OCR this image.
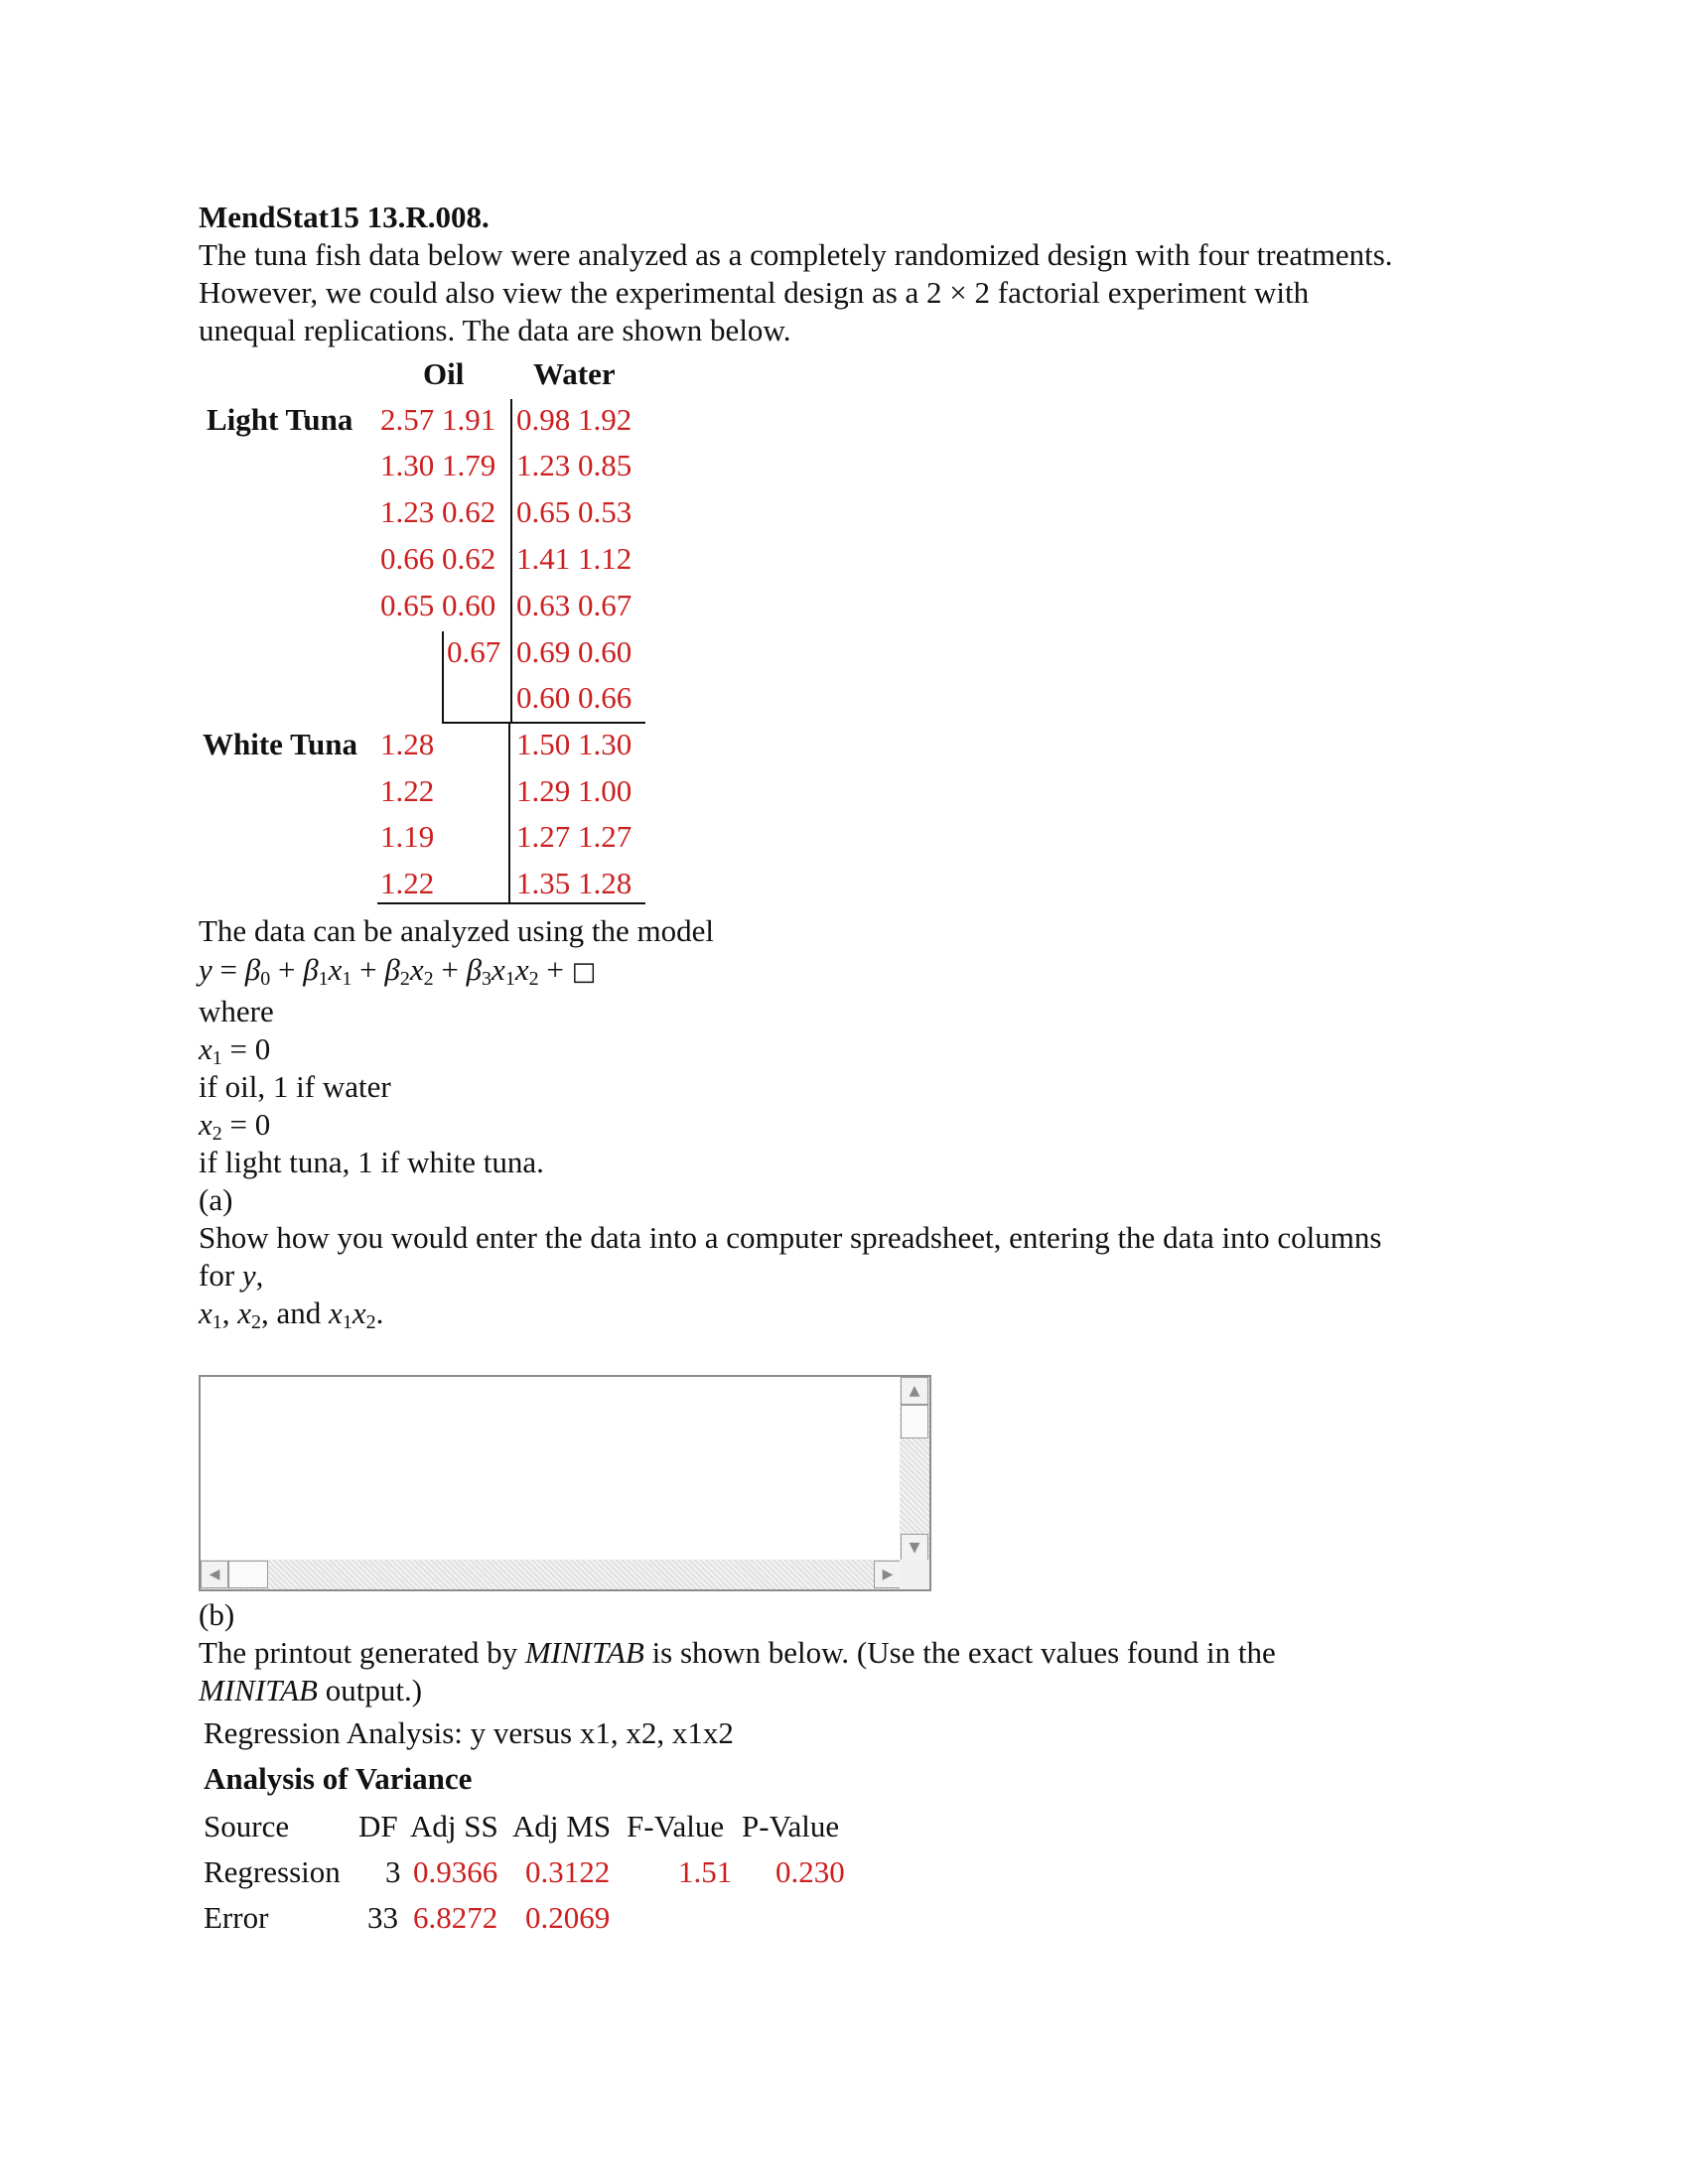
MendStat15 13.R.008.
The tuna fish data below were analyzed as a completely randomized design with four treatments.
However, we could also view the experimental design as a 2 × 2 factorial experiment with
unequal replications. The data are shown below.
Oil Water
Light Tuna
White Tuna
2.57 1.91
1.30 1.79
1.23 0.62
0.66 0.62
0.65 0.60
0.67
0.98 1.92
1.23 0.85
0.65 0.53
1.41 1.12
0.63 0.67
0.69 0.60
0.60 0.66
1.28
1.22
1.19
1.22
1.50 1.30
1.29 1.00
1.27 1.27
1.35 1.28
The data can be analyzed using the model
$y = \beta_0 + \beta_1x_1 + \beta_2x_2 + \beta_3x_1x_2$ + □
where
$x_1 = 0$
if oil, 1 if water
$x_2 = 0$
if light tuna, 1 if white tuna.
(a)
Show how you would enter the data into a computer spreadsheet, entering the data into columns
for y,
$x_1$, $x_2$, and $x_1x_2$.
▲
▼
◀	▶
(b)
The printout generated by MINITAB is shown below. (Use the exact values found in the
MINITAB output.)
Regression Analysis: y versus x1, x2, x1x2
Analysis of Variance
Source DF Adj SS Adj MS F-Value P-Value
Regression 3 0.9366 0.3122 1.51 0.230
Error	33 6.8272 0.2069
